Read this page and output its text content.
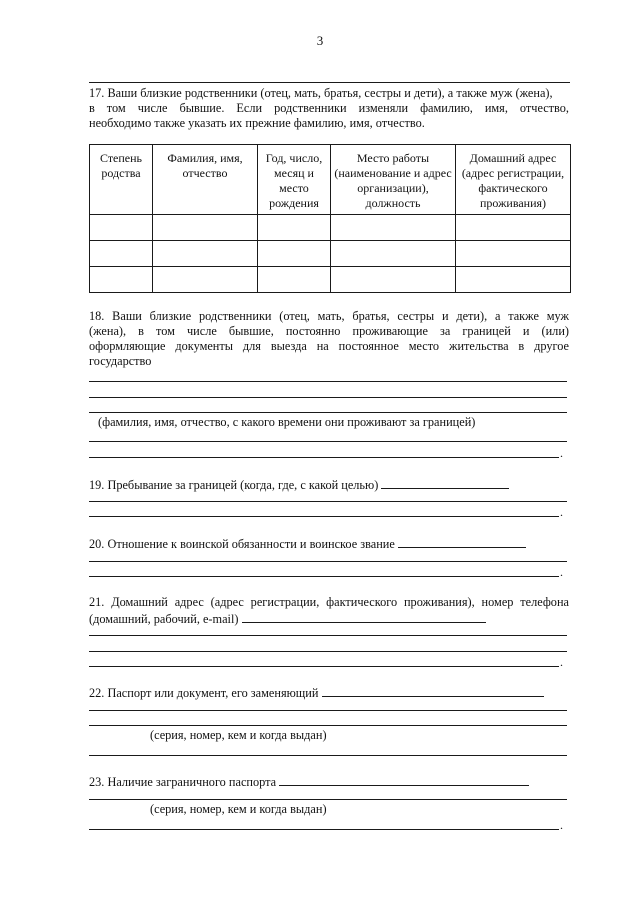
3
17. Ваши близкие родственники (отец, мать, братья, сестры и дети), а также муж (жена),
в том числе бывшие. Если родственники изменяли фамилию, имя, отчество,
необходимо также указать их прежние фамилию, имя, отчество.
Степень родства	Фамилия, имя, отчество	Год, число, месяц и место рождения	Место работы (наименование и адрес организации), должность	Домашний адрес (адрес регистрации, фактического проживания)

18. Ваши близкие родственники (отец, мать, братья, сестры и дети), а также муж
(жена), в том числе бывшие, постоянно проживающие за границей и (или)
оформляющие документы для выезда на постоянное место жительства в другое
государство
(фамилия, имя, отчество, с какого времени они проживают за границей)
.
19. Пребывание за границей (когда, где, с какой целью)
.
20. Отношение к воинской обязанности и воинское звание
.
21. Домашний адрес (адрес регистрации, фактического проживания), номер телефона
(домашний, рабочий, e-mail)
.
22. Паспорт или документ, его заменяющий
(серия, номер, кем и когда выдан)
23. Наличие заграничного паспорта
(серия, номер, кем и когда выдан)
.
